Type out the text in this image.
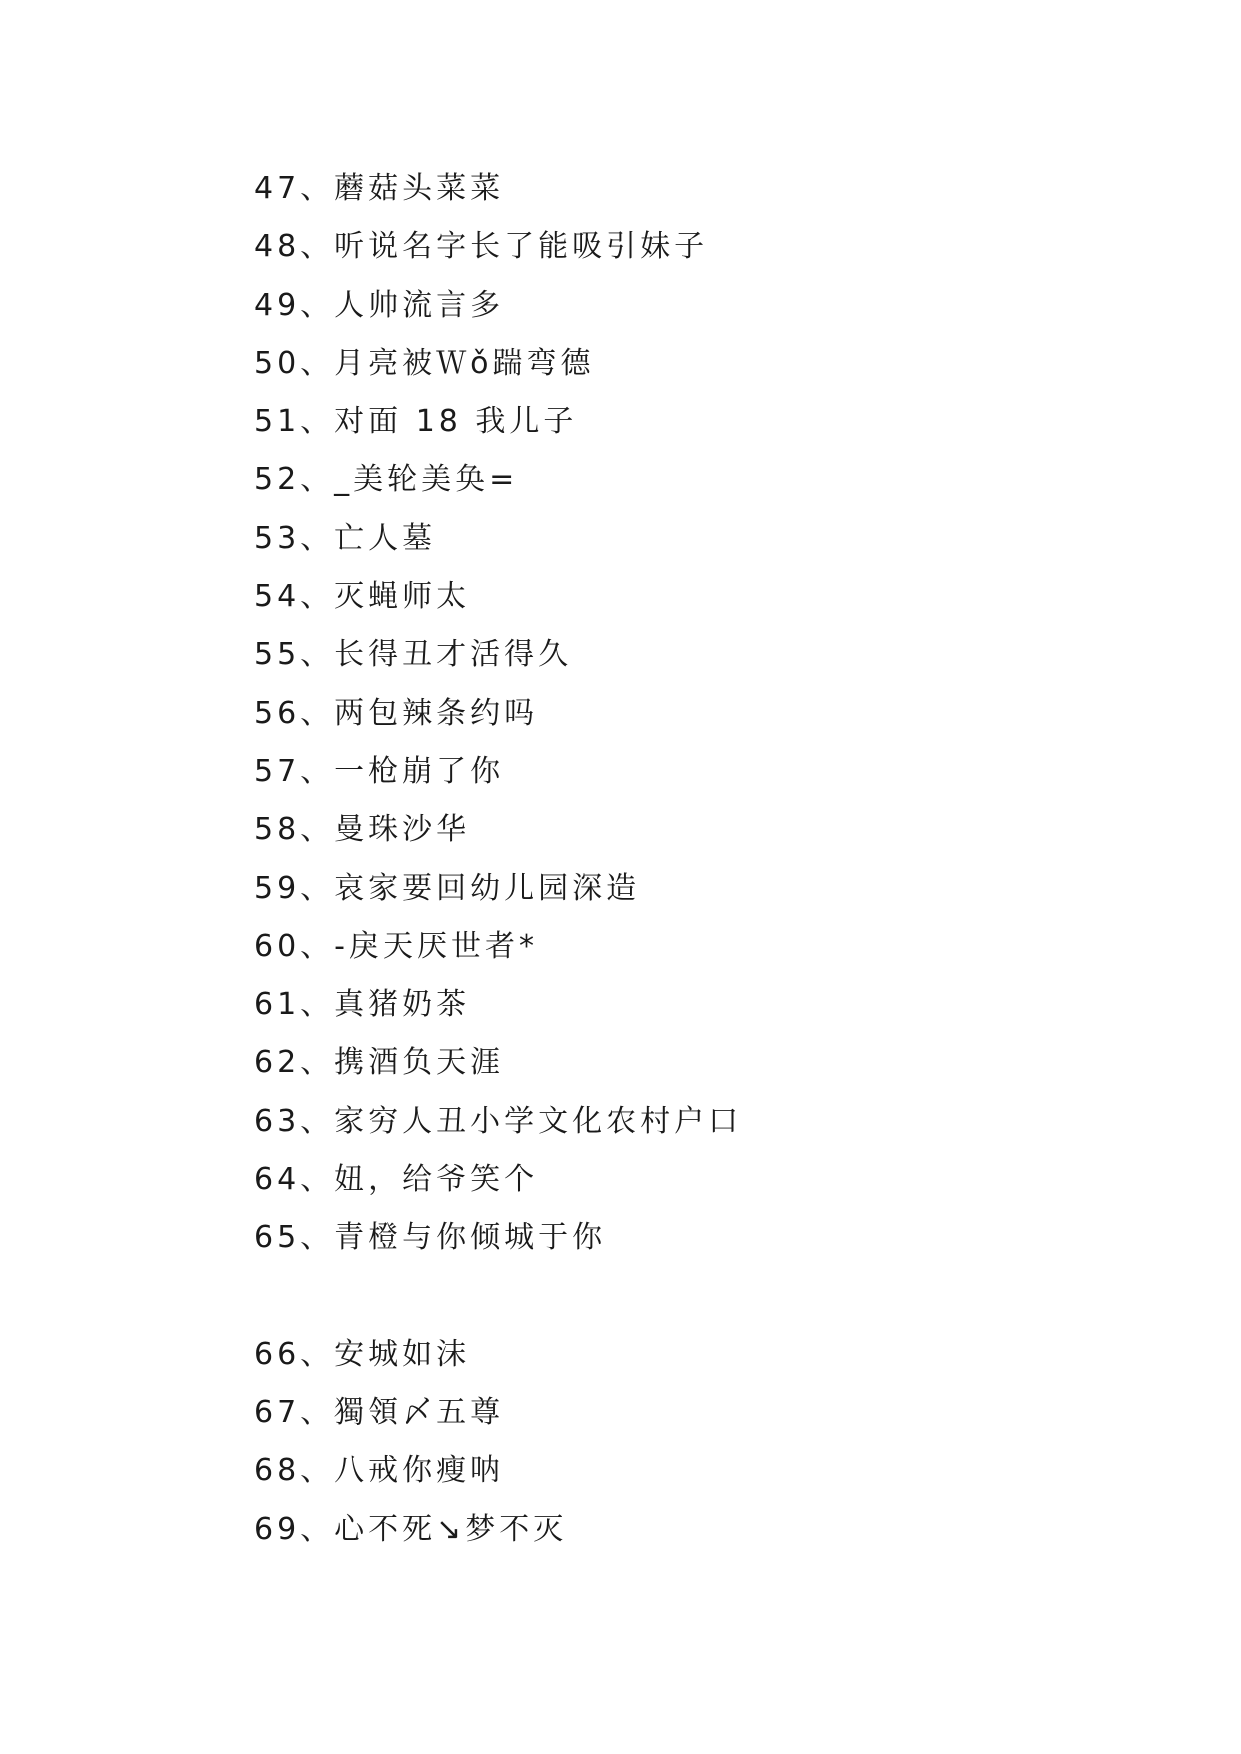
47、蘑菇头菜菜
48、听说名字长了能吸引妹子
49、人帅流言多
50、月亮被Ｗǒ踹弯德
51、对面 18 我儿子
52、_美轮美奂=
53、亡人墓
54、灭蝇师太
55、长得丑才活得久
56、两包辣条约吗
57、一枪崩了你
58、曼珠沙华
59、哀家要回幼儿园深造
60、-戾天厌世者*
61、真猪奶茶
62、携酒负天涯
63、家穷人丑小学文化农村户口
64、妞，给爷笑个
65、青橙与你倾城于你
66、安城如沫
67、獨領〆五尊
68、八戒你瘦呐
69、心不死↘梦不灭
